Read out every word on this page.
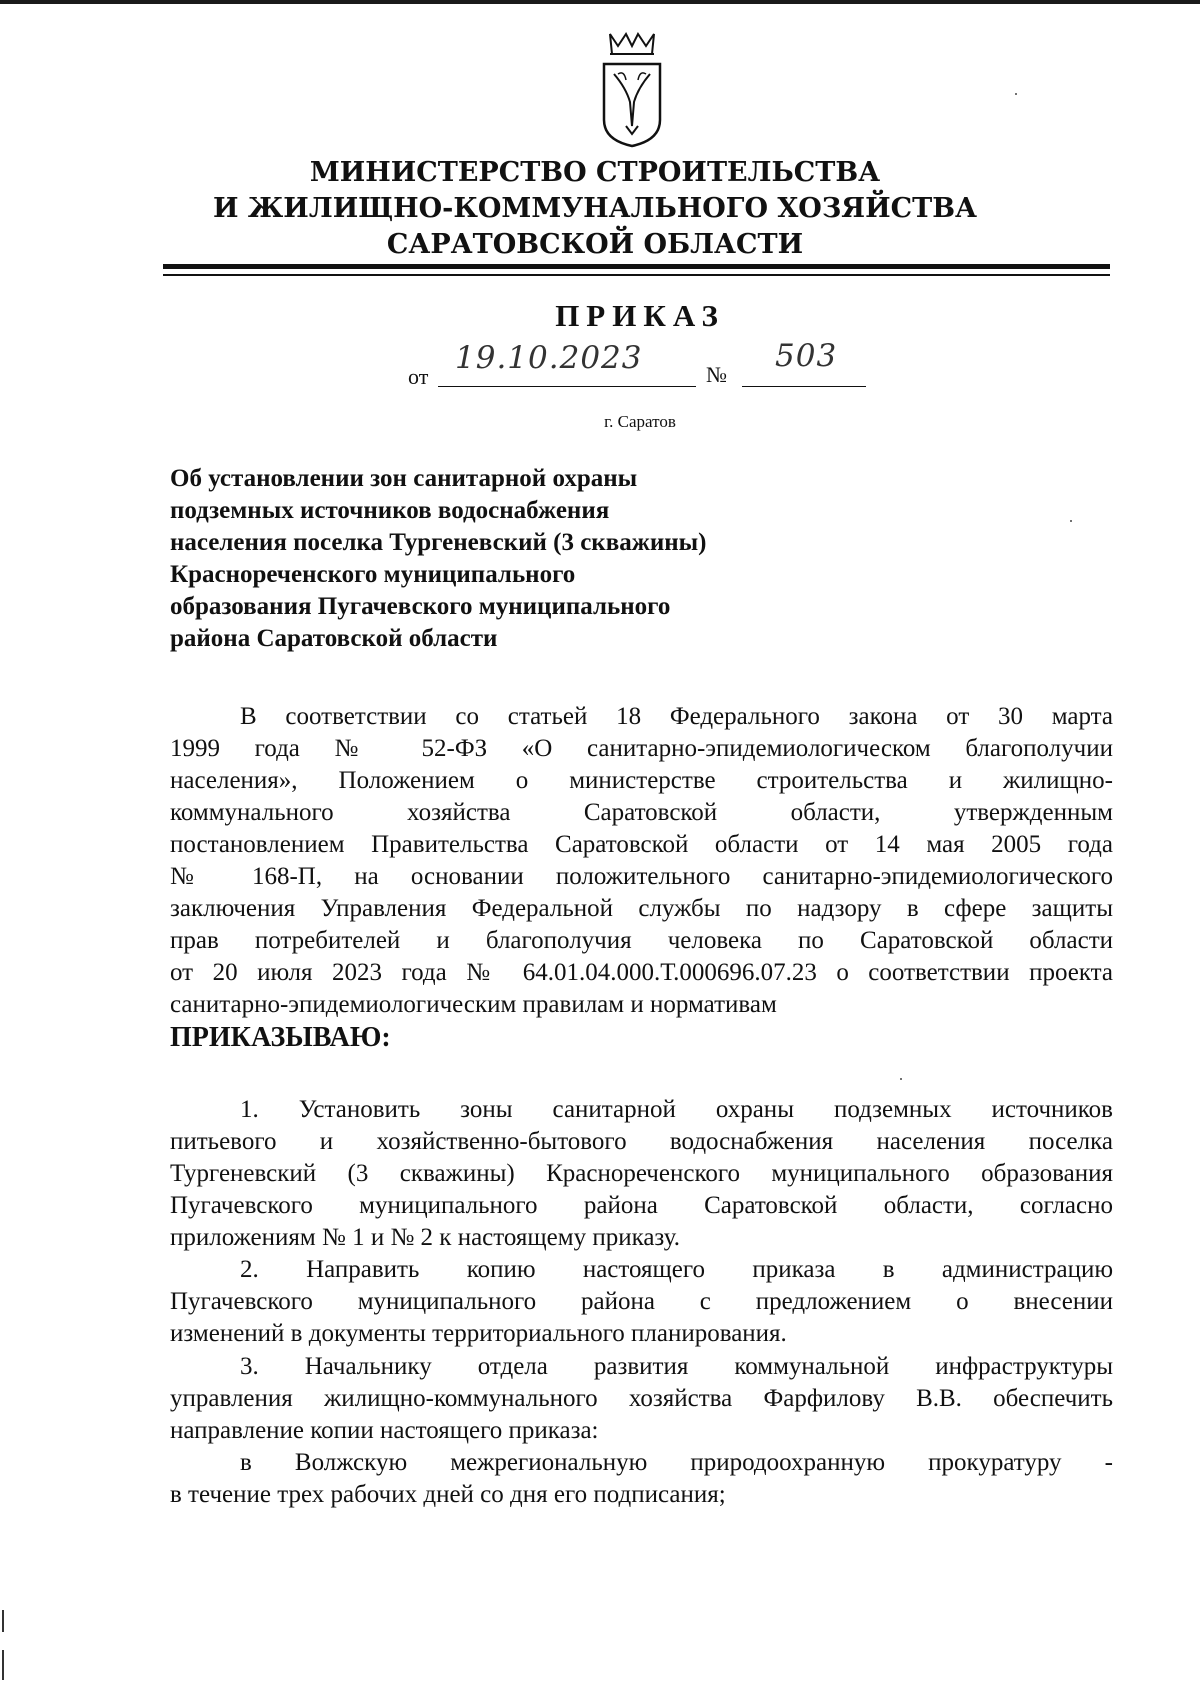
МИНИСТЕРСТВО СТРОИТЕЛЬСТВА
И ЖИЛИЩНО-КОММУНАЛЬНОГО ХОЗЯЙСТВА
САРАТОВСКОЙ ОБЛАСТИ
ПРИКАЗ
от
19.10.2023	№
503
г. Саратов
Об установлении зон санитарной охраны
подземных источников водоснабжения
населения поселка Тургеневский (3 скважины)
Краснореченского муниципального
образования Пугачевского муниципального
района Саратовской области
В соответствии со статьей 18 Федерального закона от 30 марта
1999 года № 52-ФЗ «О санитарно-эпидемиологическом благополучии
населения», Положением о министерстве строительства и жилищно-
коммунального хозяйства Саратовской области, утвержденным
постановлением Правительства Саратовской области от 14 мая 2005 года
№ 168-П, на основании положительного санитарно-эпидемиологического
заключения Управления Федеральной службы по надзору в сфере защиты
прав потребителей и благополучия человека по Саратовской области
от 20 июля 2023 года № 64.01.04.000.Т.000696.07.23 о соответствии проекта
санитарно-эпидемиологическим правилам и нормативам
ПРИКАЗЫВАЮ:
1. Установить зоны санитарной охраны подземных источников
питьевого и хозяйственно-бытового водоснабжения населения поселка
Тургеневский (3 скважины) Краснореченского муниципального образования
Пугачевского муниципального района Саратовской области, согласно
приложениям № 1 и № 2 к настоящему приказу.
2. Направить копию настоящего приказа в администрацию
Пугачевского муниципального района с предложением о внесении
изменений в документы территориального планирования.
3. Начальнику отдела развития коммунальной инфраструктуры
управления жилищно-коммунального хозяйства Фарфилову В.В. обеспечить
направление копии настоящего приказа:
в Волжскую межрегиональную природоохранную прокуратуру -
в течение трех рабочих дней со дня его подписания;
